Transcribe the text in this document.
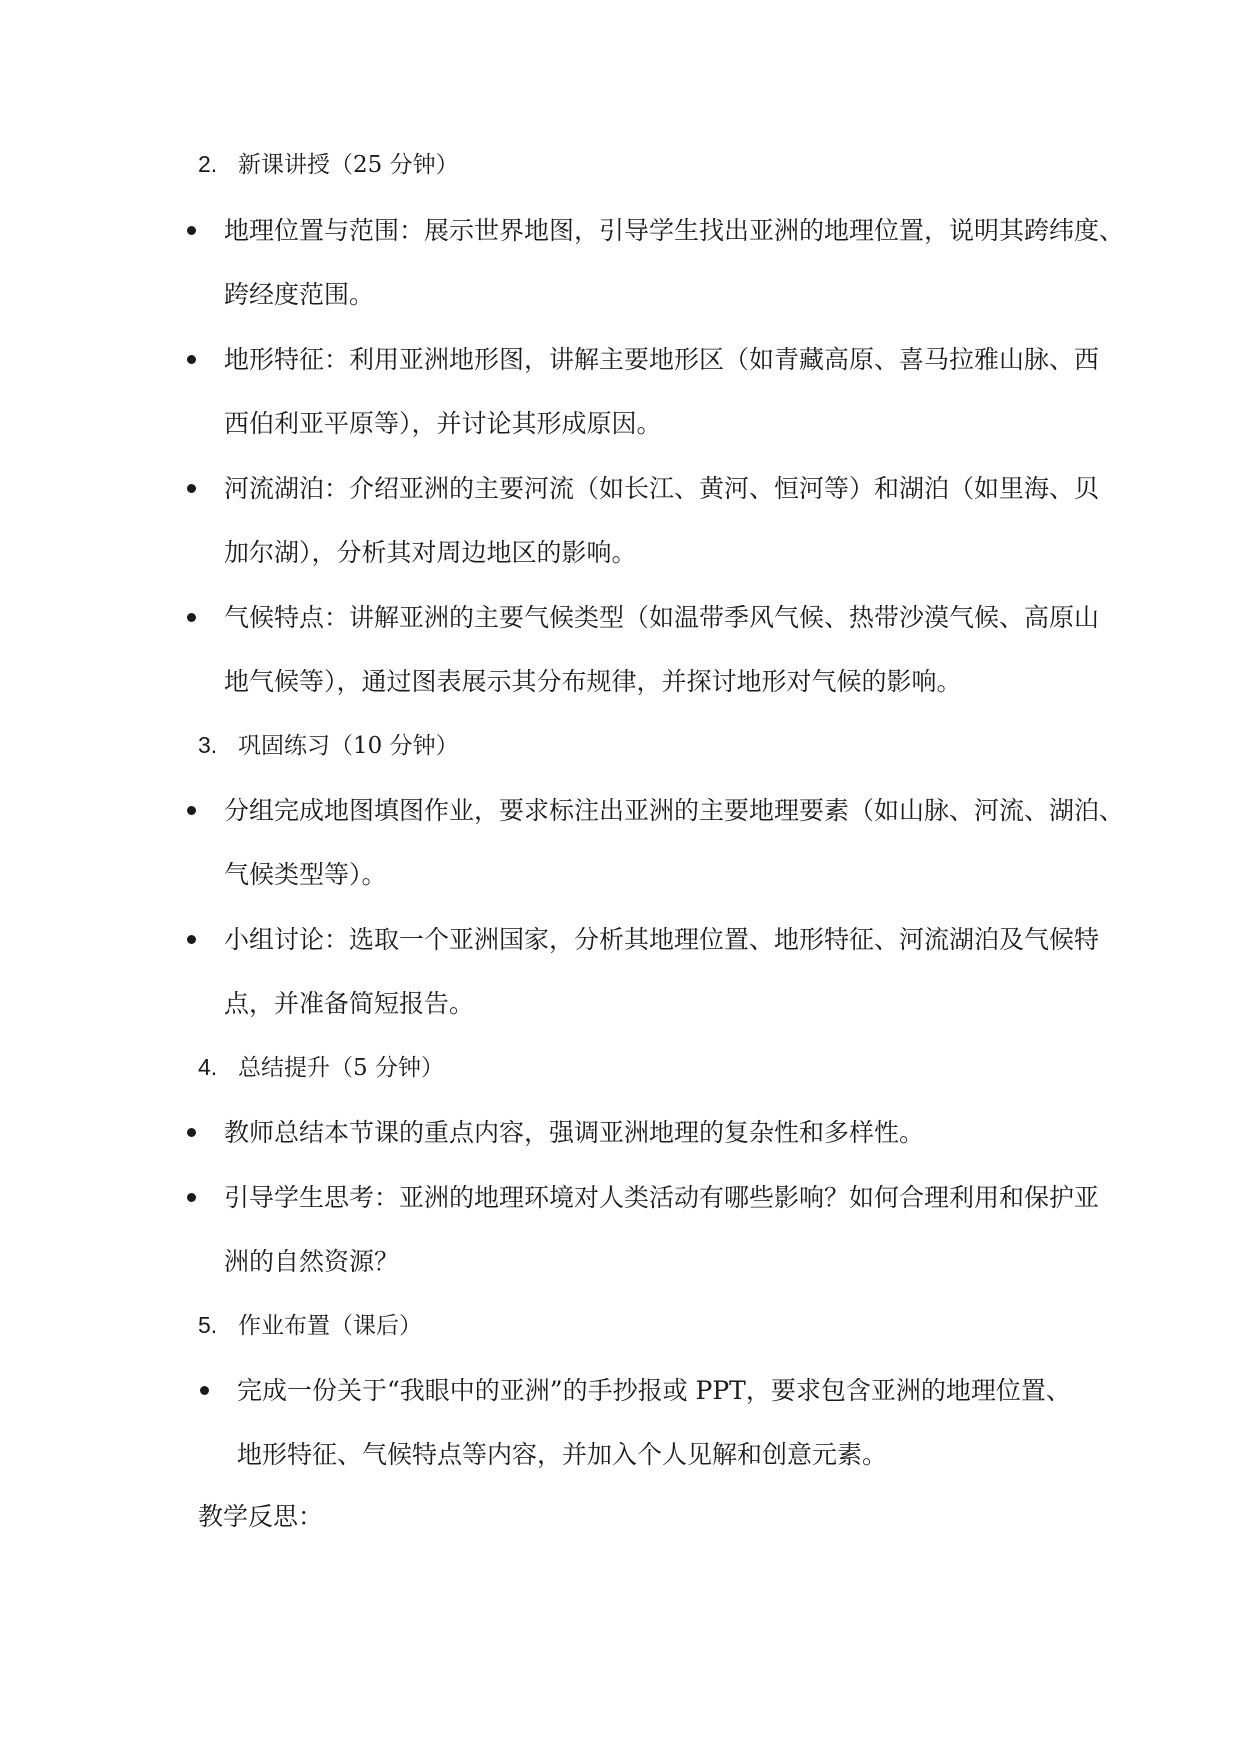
2. 新课讲授（25 分钟）
地理位置与范围：展示世界地图，引导学生找出亚洲的地理位置，说明其跨纬度、
跨经度范围。
地形特征：利用亚洲地形图，讲解主要地形区（如青藏高原、喜马拉雅山脉、西
西伯利亚平原等），并讨论其形成原因。
河流湖泊：介绍亚洲的主要河流（如长江、黄河、恒河等）和湖泊（如里海、贝
加尔湖），分析其对周边地区的影响。
气候特点：讲解亚洲的主要气候类型（如温带季风气候、热带沙漠气候、高原山
地气候等），通过图表展示其分布规律，并探讨地形对气候的影响。
3. 巩固练习（10 分钟）
分组完成地图填图作业，要求标注出亚洲的主要地理要素（如山脉、河流、湖泊、
气候类型等）。
小组讨论：选取一个亚洲国家，分析其地理位置、地形特征、河流湖泊及气候特
点，并准备简短报告。
4. 总结提升（5 分钟）
教师总结本节课的重点内容，强调亚洲地理的复杂性和多样性。
引导学生思考：亚洲的地理环境对人类活动有哪些影响？如何合理利用和保护亚
洲的自然资源？
5. 作业布置（课后）
完成一份关于“我眼中的亚洲”的手抄报或 PPT，要求包含亚洲的地理位置、
地形特征、气候特点等内容，并加入个人见解和创意元素。
教学反思：
